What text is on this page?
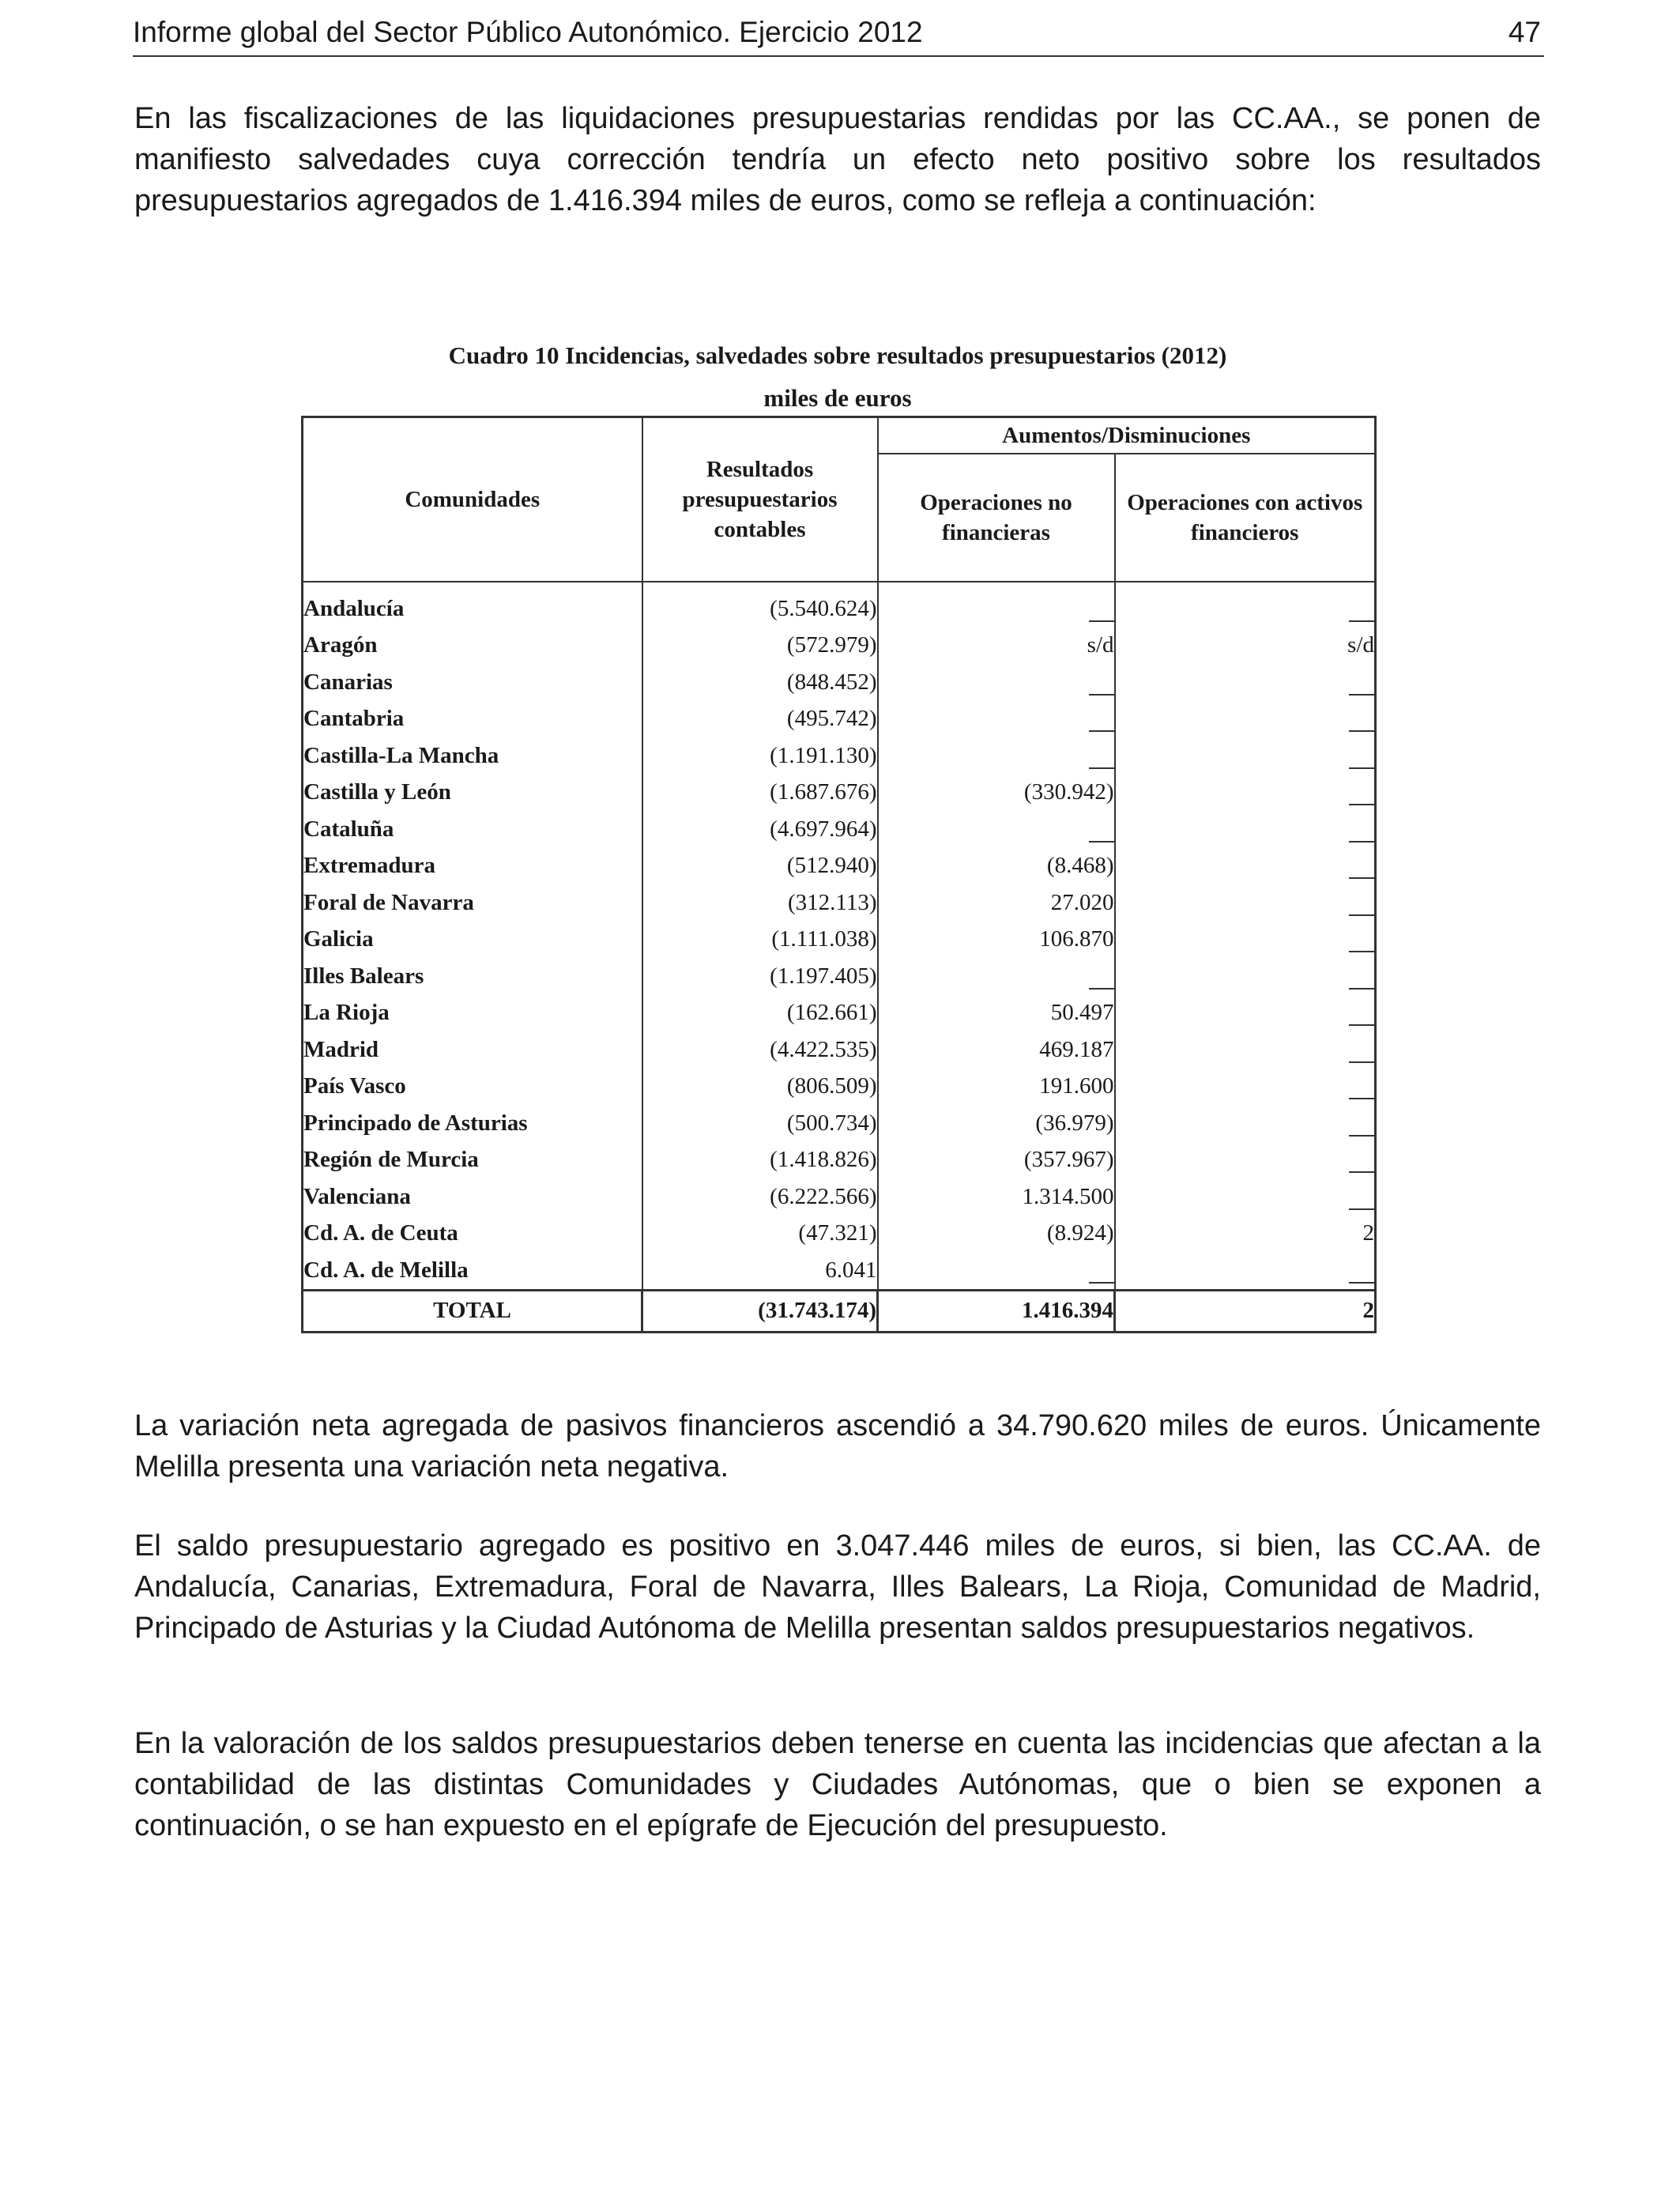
Informe global del Sector Público Autonómico. Ejercicio 2012	47

En las fiscalizaciones de las liquidaciones presupuestarias rendidas por las CC.AA., se ponen de manifiesto salvedades cuya corrección tendría un efecto neto positivo sobre los resultados presupuestarios agregados de 1.416.394 miles de euros, como se refleja a continuación:

Cuadro 10 Incidencias, salvedades sobre resultados presupuestarios (2012)
miles de euros
Comunidades	Resultados presupuestarios contables	Aumentos/Disminuciones	
		Operaciones no financieras	Operaciones con activos financieros
Andalucía	(5.540.624)		
Aragón	(572.979)	s/d	s/d
Canarias	(848.452)		
Cantabria	(495.742)		
Castilla-La Mancha	(1.191.130)		
Castilla y León	(1.687.676)	(330.942)	
Cataluña	(4.697.964)		
Extremadura	(512.940)	(8.468)	
Foral de Navarra	(312.113)	27.020	
Galicia	(1.111.038)	106.870	
Illes Balears	(1.197.405)		
La Rioja	(162.661)	50.497	
Madrid	(4.422.535)	469.187	
País Vasco	(806.509)	191.600	
Principado de Asturias	(500.734)	(36.979)	
Región de Murcia	(1.418.826)	(357.967)	
Valenciana	(6.222.566)	1.314.500	
Cd. A. de Ceuta	(47.321)	(8.924)	2
Cd. A. de Melilla	6.041		
TOTAL	(31.743.174)	1.416.394	2

La variación neta agregada de pasivos financieros ascendió a 34.790.620 miles de euros. Únicamente Melilla presenta una variación neta negativa.

El saldo presupuestario agregado es positivo en 3.047.446 miles de euros, si bien, las CC.AA. de Andalucía, Canarias, Extremadura, Foral de Navarra, Illes Balears, La Rioja, Comunidad de Madrid, Principado de Asturias y la Ciudad Autónoma de Melilla presentan saldos presupuestarios negativos.

En la valoración de los saldos presupuestarios deben tenerse en cuenta las incidencias que afectan a la contabilidad de las distintas Comunidades y Ciudades Autónomas, que o bien se exponen a continuación, o se han expuesto en el epígrafe de Ejecución del presupuesto.
